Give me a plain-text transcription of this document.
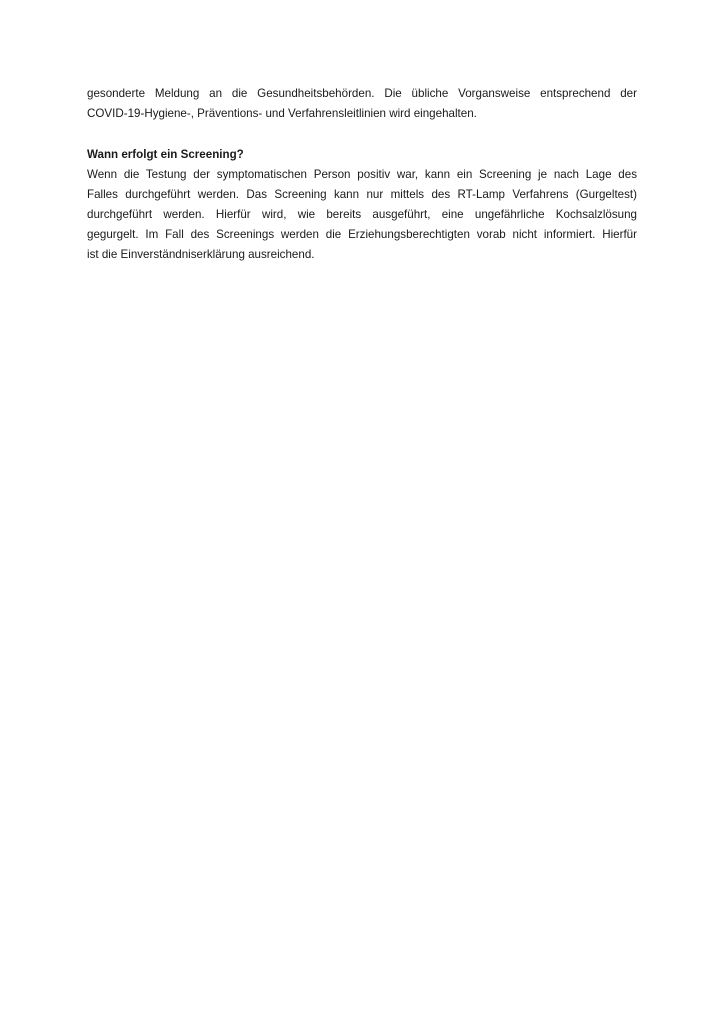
gesonderte Meldung an die Gesundheitsbehörden. Die übliche Vorgansweise entsprechend der
COVID-19-Hygiene-, Präventions- und Verfahrensleitlinien wird eingehalten.
Wann erfolgt ein Screening?
Wenn die Testung der symptomatischen Person positiv war, kann ein Screening je nach Lage des
Falles durchgeführt werden. Das Screening kann nur mittels des RT-Lamp Verfahrens (Gurgeltest)
durchgeführt werden. Hierfür wird, wie bereits ausgeführt, eine ungefährliche Kochsalzlösung
gegurgelt. Im Fall des Screenings werden die Erziehungsberechtigten vorab nicht informiert. Hierfür
ist die Einverständniserklärung ausreichend.
